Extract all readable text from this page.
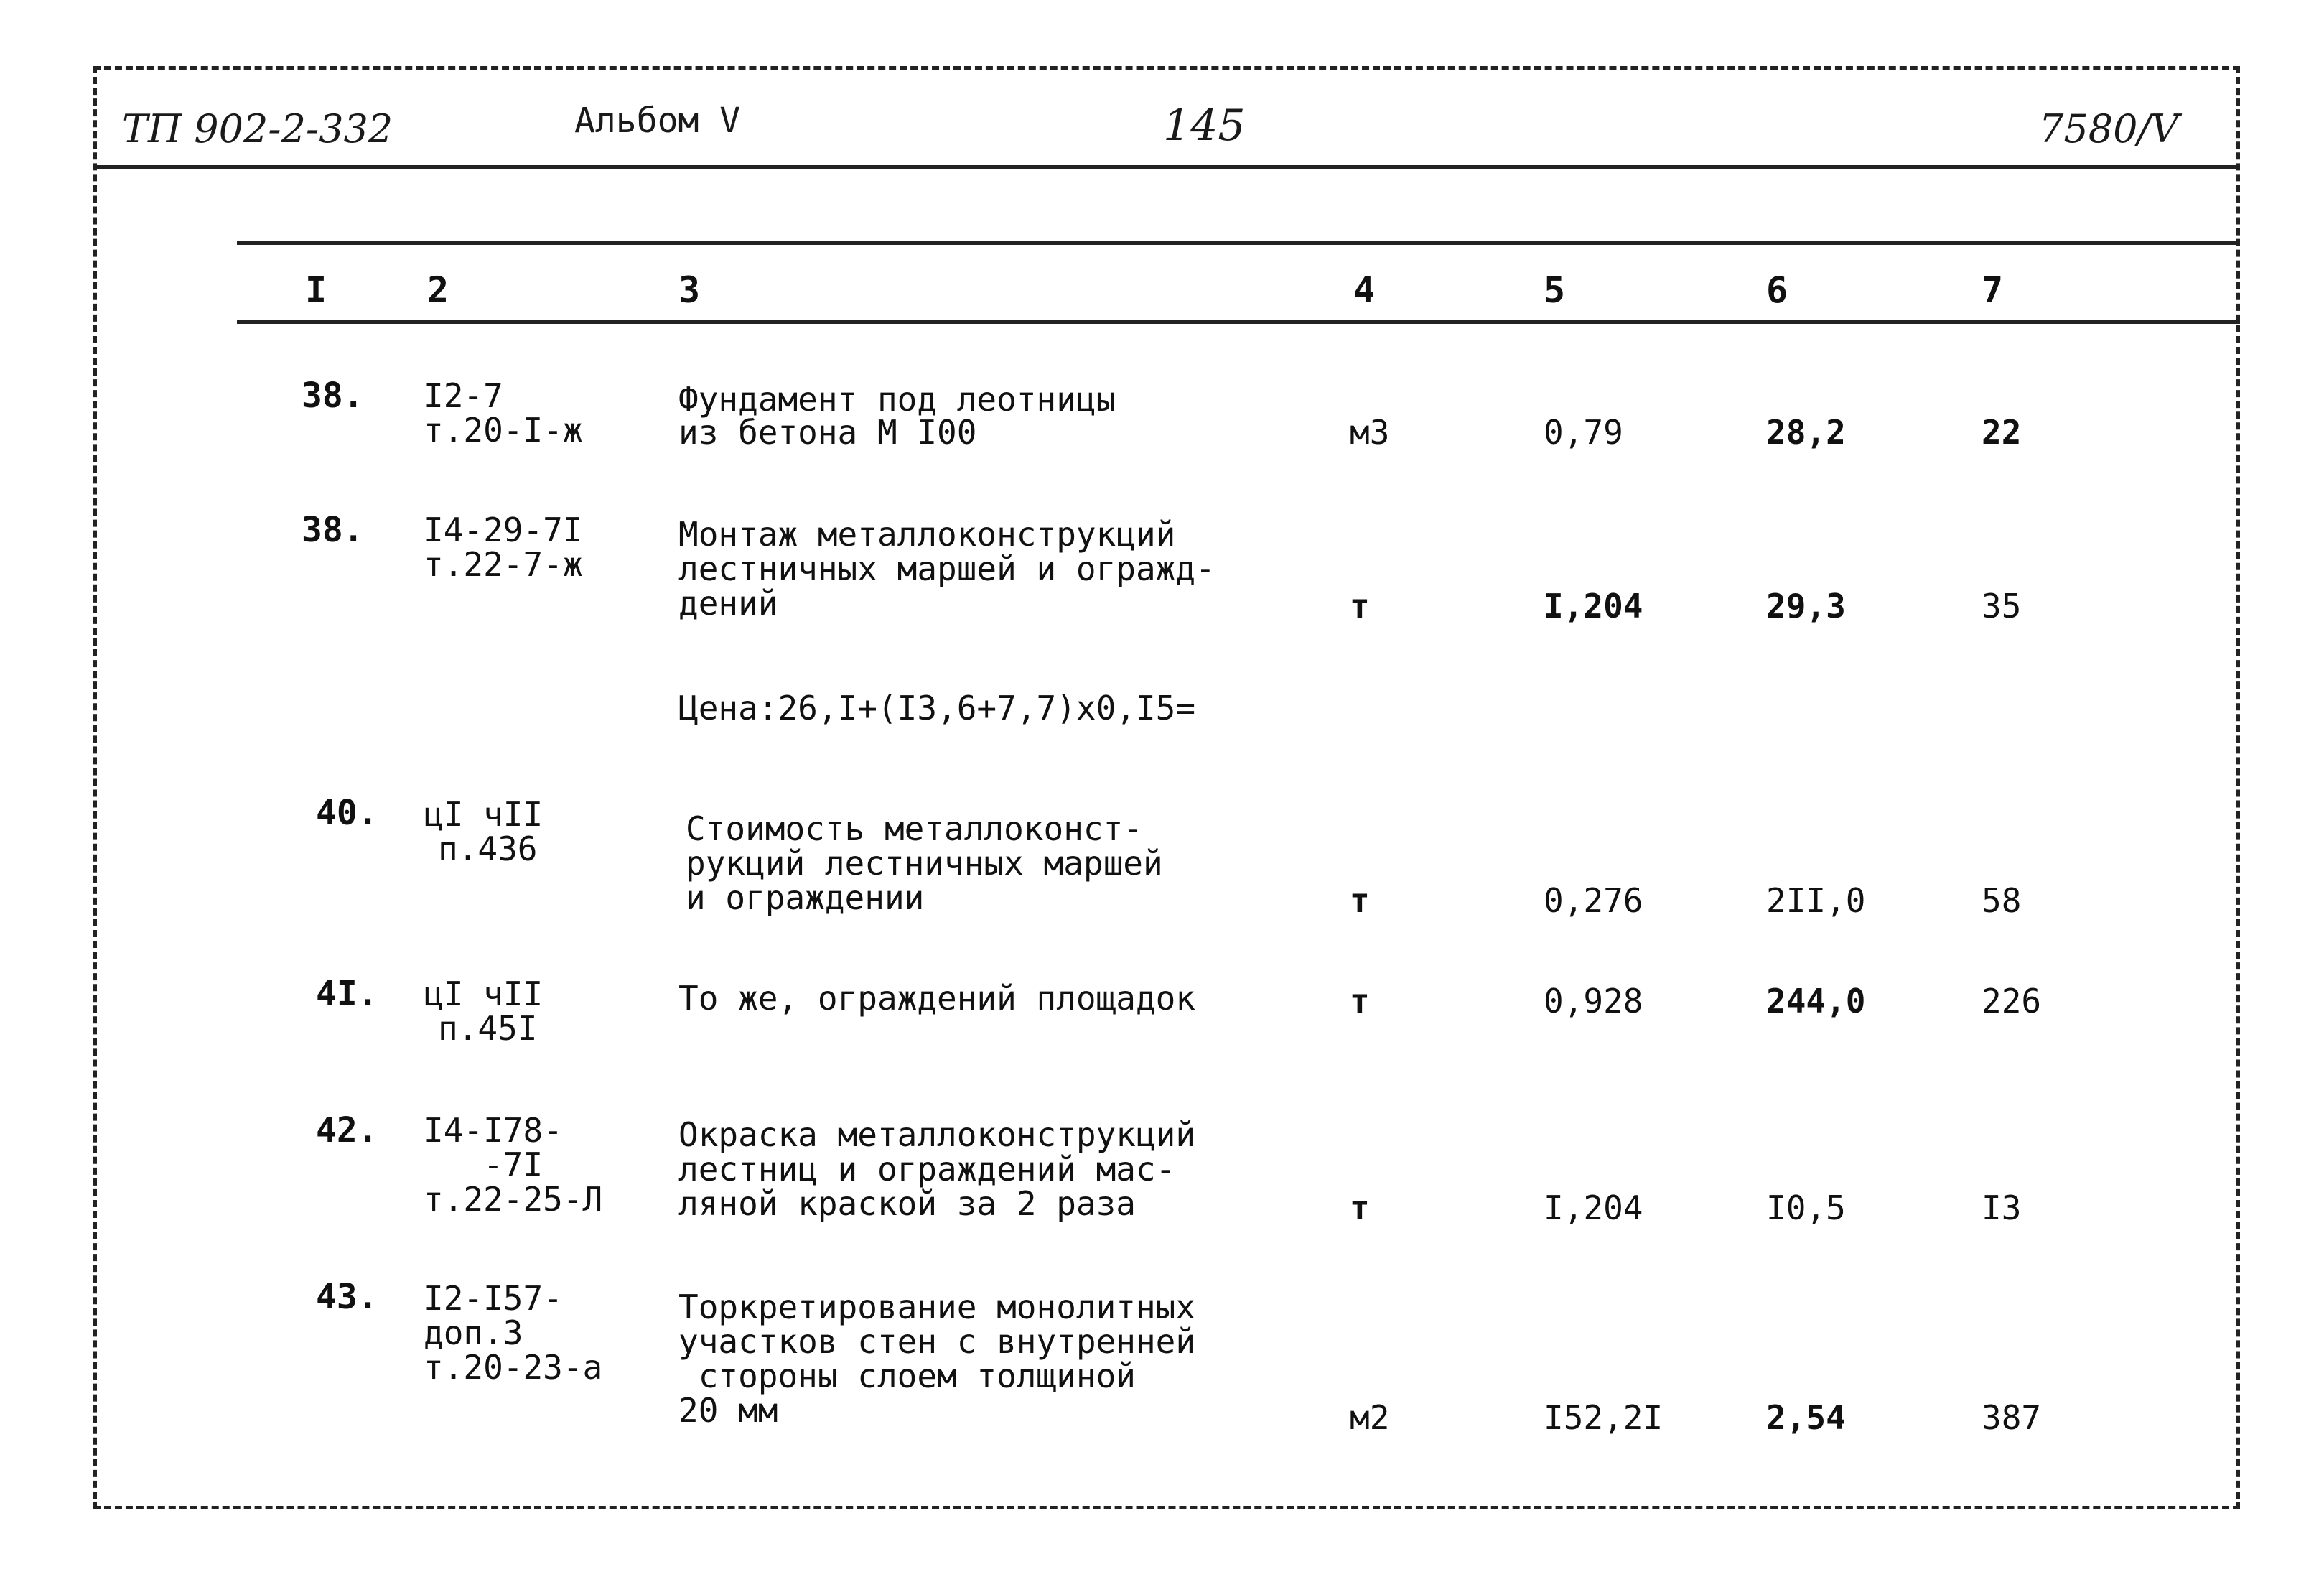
ТП 902-2-332	Альбом V	145	7580/V
I	2	3	4	5	6	7
38. I2-7
т.20-I-ж
Фундамент под леотницы
из бетона М I00	м3	0,79	28,2	22
38. I4-29-7I
т.22-7-ж
Монтаж металлоконструкций
лестничных маршей и огражд-
дений	т	I,204	29,3	35
Цена:26,I+(I3,6+7,7)x0,I5=
40. цI чII
п.436
Стоимость металлоконст-
рукций лестничных маршей
и ограждении	т	0,276	2II,0	58
4I. цI чII
п.45I
То же, ограждений площадок	т	0,928	244,0	226
42. I4-I78-
-7I
т.22-25-Л
Окраска металлоконструкций
лестниц и ограждений мас-
ляной краской за 2 раза	т	I,204	I0,5	I3
43. I2-I57-
доп.3
т.20-23-а
Торкретирование монолитных
участков стен с внутренней
стороны слоем толщиной
20 мм	м2	I52,2I	2,54	387
